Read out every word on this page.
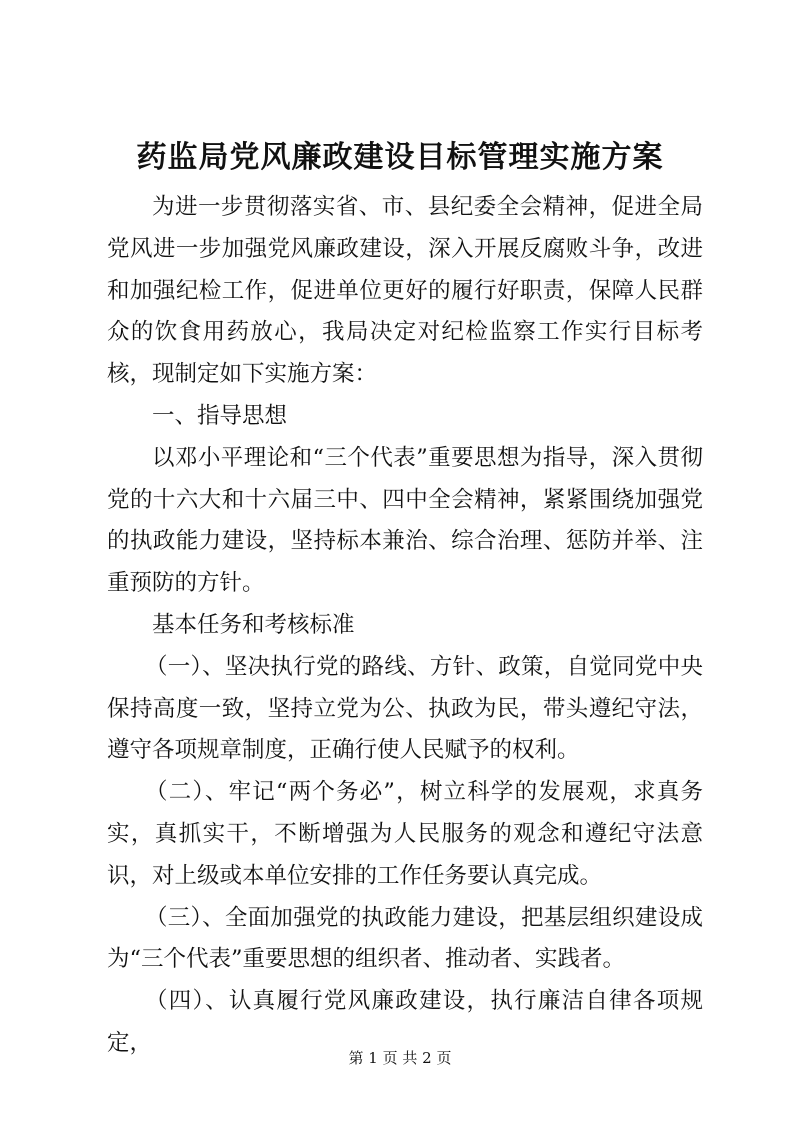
药监局党风廉政建设目标管理实施方案

为进一步贯彻落实省、市、县纪委全会精神，促进全局党风进一步加强党风廉政建设，深入开展反腐败斗争，改进和加强纪检工作，促进单位更好的履行好职责，保障人民群众的饮食用药放心，我局决定对纪检监察工作实行目标考核，现制定如下实施方案：

一、指导思想

以邓小平理论和“三个代表”重要思想为指导，深入贯彻党的十六大和十六届三中、四中全会精神，紧紧围绕加强党的执政能力建设，坚持标本兼治、综合治理、惩防并举、注重预防的方针。

基本任务和考核标准

（一）、坚决执行党的路线、方针、政策，自觉同党中央保持高度一致，坚持立党为公、执政为民，带头遵纪守法，遵守各项规章制度，正确行使人民赋予的权利。

（二）、牢记“两个务必”，树立科学的发展观，求真务实，真抓实干，不断增强为人民服务的观念和遵纪守法意识，对上级或本单位安排的工作任务要认真完成。

（三）、全面加强党的执政能力建设，把基层组织建设成为“三个代表”重要思想的组织者、推动者、实践者。

（四）、认真履行党风廉政建设，执行廉洁自律各项规定，

第 1 页 共 2 页
